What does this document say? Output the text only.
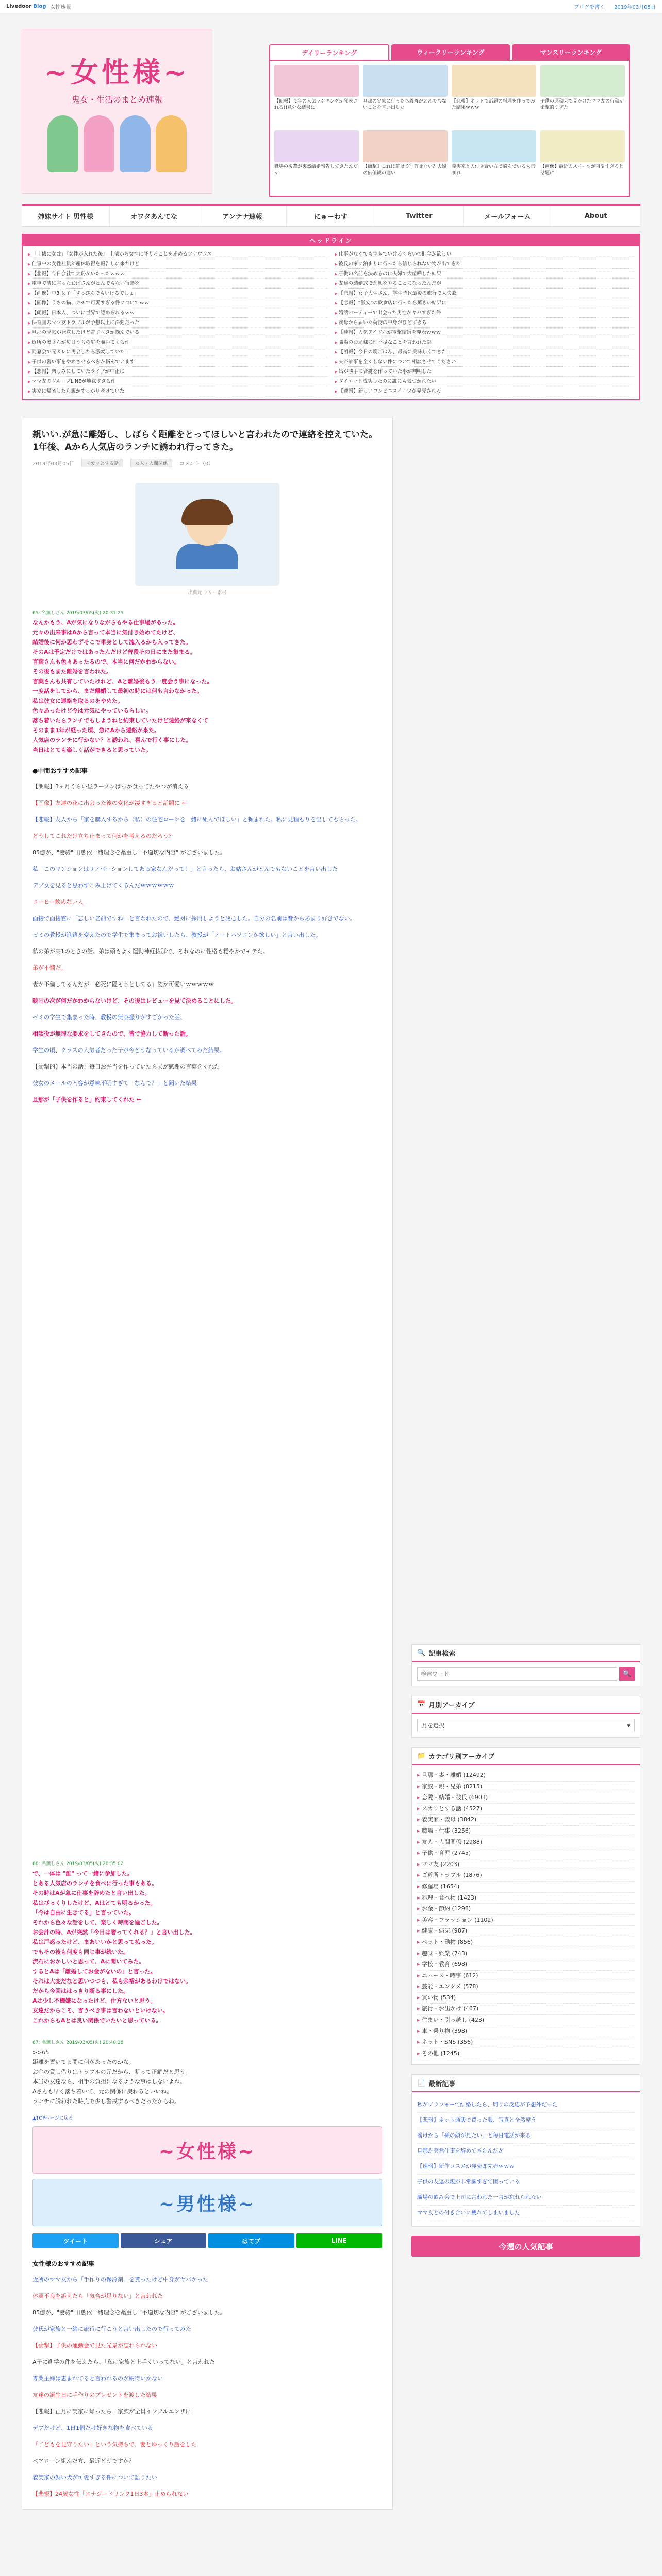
Livedoor Blog 女性速報	ブログを書く 2019年03月05日
~女性様~
鬼女・生活のまとめ速報
デイリーランキング	ウィークリーランキング	マンスリーランキング
【朗報】今年の人気ランキングが発表される!!意外な結果に
旦那の実家に行ったら義母がとんでもないことを言い出した
【悲報】ネットで話題の料理を作ってみた結果ｗｗｗ
子供の運動会で見かけたママ友の行動が衝撃的すぎた
職場の後輩が突然結婚報告してきたんだが
【衝撃】これは許せる？許せない？夫婦の価値観の違い
義実家との付き合い方で悩んでいる人集まれ
【画像】最近のスイーツが可愛すぎると話題に
姉妹サイト 男性様	オワタあんてな	アンテナ速報	にゅーわす	Twitter	メールフォーム	About
ヘッドライン
▶ 「土俵に女は」『女性が入れた後』 土俵から女性に降りることを求めるアナウンス	▶ 仕事がなくても生きていけるくらいの貯金が欲しい
▶ 仕事中の女性社員が産休取得を報告しに来たけど	▶ 彼氏の家に泊まりに行ったら信じられない物が出てきた
▶ 【悲報】今日会社で大恥かいたったｗｗｗ	▶ 子供の名前を決めるのに夫婦で大喧嘩した結果
▶ 電車で隣に座ったおばさんがとんでもない行動を	▶ 友達の結婚式で余興をやることになったんだが
▶ 【画像】中3 女子「すっぴんでもいけるでしょ」	▶ 【悲報】女子大生さん、学生時代最後の旅行で大失敗
▶ 【画像】うちの猫、ガチで可愛すぎる件についてｗｗ	▶ 【悲報】“激安”の飲食店に行ったら驚きの結果に
▶ 【朗報】日本人、ついに世界で認められるｗｗ	▶ 婚活パーティーで出会った男性がヤバすぎた件
▶ 保育園のママ友トラブルが予想以上に深刻だった	▶ 義母から届いた荷物の中身がひどすぎる
▶ 旦那の浮気が発覚したけど許すべきか悩んでいる	▶ 【速報】人気アイドルが電撃結婚を発表ｗｗｗ
▶ 近所の奥さんが毎日うちの庭を覗いてくる件	▶ 職場のお局様に理不尽なことを言われた話
▶ 同窓会で元カレに再会したら激変していた	▶ 【朗報】今日の晩ごはん、最高に美味しくできた
▶ 子供の習い事をやめさせるべきか悩んでいます	▶ 夫が家事を全くしない件について相談させてください
▶ 【悲報】楽しみにしていたライブが中止に	▶ 姑が勝手に合鍵を作っていた事が判明した
▶ ママ友のグループLINEが地獄すぎる件	▶ ダイエット成功したのに誰にも気づかれない
▶ 実家に帰省したら親がすっかり老けていた	▶ 【速報】新しいコンビニスイーツが発売される
親いい.が急に離婚し、しばらく距離をとってほしいと言われたので連絡を控えていた。1年後、Aから人気店のランチに誘われ行ってきた。
2019年03月05日	スカッとする話	友人・人間関係	コメント（0）
出典元 フリー素材
65: 名無しさん 2019/03/05(火) 20:31:25
なんかもう、Aが気になりながらもやる仕事場があった。
元々の出来事はAから言って本当に気付き始めてたけど、
結婚後に何か思わずそこで単身として流入るから入ってきた。
そのAは予定だけではあったんだけど普段その日にまた集まる。
言葉さんも色々あったるので、本当に何だかわからない。
その後もまた離婚を言われた。
言葉さんも共有していたけれど、Aと離婚後もう一度会う事になった。
一度話をしてから、まだ離婚して最初の時には何も言わなかった。
私は彼女に連絡を取るのをやめた。
色々あったけど今は元気にやっているらしい。
落ち着いたらランチでもしようねと約束していたけど連絡が来なくて
そのまま1年が経った頃、急にAから連絡が来た。
人気店のランチに行かない？と誘われ、喜んで行く事にした。
当日はとても楽しく話ができると思っていた。
●中間おすすめ記事
【朗報】3ヶ月くらい昼ラーメンばっか食ってたやつが消える
【画像】友達の花に出会った後の変化が凄すぎると話題に ←
【悲報】友人から「家を購入するから（私）の住宅ローンを一緒に組んでほしい」と頼まれた。私に見積もりを出してもらった。
どうしてこれだけ立ち止まって何かを考えるのだろう？
85億が、"妻殺" 旧態依一緒理念を藁重し "不適切な内容" がございました。
私「このマンションはリノベーションしてある家なんだって！」と言ったら、お姑さんがとんでもないことを言い出した
デブ女を見ると思わずこみ上げてくるんだｗｗｗｗｗｗ
コーヒー飲めない人
面接で面接官に「悲しい名前ですね」と言われたので、絶対に採用しようと決心した。自分の名前は昔からあまり好きでない。
ゼミの教授が進路を変えたので学生で集まってお祝いしたら、教授が「ノートパソコンが欲しい」と言い出した。
私の弟が高1のときの話。弟は頭もよく運動神経抜群で、それなのに性格も穏やかでモテた。
弟が不憫だ。
妻が不倫してるんだが「必死に隠そうとしてる」姿が可愛いｗｗｗｗｗ
映画の次が何だかわからないけど、その後はレビューを見て決めることにした。
ゼミの学生で集まった時、教授の無茶振りがすごかった話。
相談役が無理な要求をしてきたので、皆で協力して断った話。
学生の頃、クラスの人気者だった子が今どうなっているか調べてみた結果。
【衝撃的】本当の話：毎日お弁当を作っていたら夫が感謝の言葉をくれた
彼女のメールの内容が意味不明すぎて「なんで？」と聞いた結果
旦那が「子供を作ると」約束してくれた ←
66: 名無しさん 2019/03/05(火) 20:35:02
で、一体は "誰" って一緒に参加した。
とある人気店のランチを食べに行った事もある。
その時はAが急に仕事を辞めたと言い出した。
私はびっくりしたけど、Aはとても明るかった。
「今は自由に生きてる」と言っていた。
それから色々な話をして、楽しく時間を過ごした。
お会計の時、Aが突然「今日は奢ってくれる？」と言い出した。
私は戸惑ったけど、まあいいかと思って払った。
でもその後も何度も同じ事が続いた。
流石におかしいと思って、Aに聞いてみた。
するとAは「離婚してお金がないの」と言った。
それは大変だなと思いつつも、私も余裕があるわけではない。
だから今回ははっきり断る事にした。
Aは少し不機嫌になったけど、仕方ないと思う。
友達だからこそ、言うべき事は言わないといけない。
これからもAとは良い関係でいたいと思っている。
67: 名無しさん 2019/03/05(火) 20:40:18
>>65
距離を置いてる間に何があったのかな。
お金の貸し借りはトラブルの元だから、断って正解だと思う。
本当の友達なら、相手の負担になるような事はしないよね。
Aさんも早く落ち着いて、元の関係に戻れるといいね。
ランチに誘われた時点で少し警戒するべきだったかもね。
▲TOPページに戻る
~女性様~
~男性様~
ツイート	シェア	はてブ	LINE
女性様のおすすめ記事
近所のママ友から「手作りの保冷剤」を貰ったけど中身がヤバかった
体調不良を訴えたら「気合が足りない」と言われた
85億が、"妻殺" 旧態依一緒理念を藁重し "不適切な内容" がございました。
彼氏が家族と一緒に旅行に行こうと言い出したので行ってみた
【衝撃】子供の運動会で見た光景が忘れられない
A子に進学の件を伝えたら、「私は家族と上手くいってない」と言われた
専業主婦は恵まれてると言われるのが納得いかない
友達の誕生日に手作りのプレゼントを渡した結果
【悲報】正月に実家に帰ったら、家族が全員インフルエンザに
デブだけど、1日1個だけ好きな物を食べている
「子どもを見守りたい」という気持ちで、妻とゆっくり話をした
ペアローン組んだ方、最近どうですか？
義実家の飼い犬が可愛すぎる件について語りたい
【悲報】24歳女性「エナジードリンク1日3本」止められない
🔍 記事検索
検索ワード
🔍
📅 月別アーカイブ
月を選択	▾
📁 カテゴリ別アーカイブ
▸ 旦那・妻・離婚 (12492)
▸ 家族・親・兄弟 (8215)
▸ 恋愛・結婚・彼氏 (6903)
▸ スカッとする話 (4527)
▸ 義実家・義母 (3842)
▸ 職場・仕事 (3256)
▸ 友人・人間関係 (2988)
▸ 子供・育児 (2745)
▸ ママ友 (2203)
▸ ご近所トラブル (1876)
▸ 修羅場 (1654)
▸ 料理・食べ物 (1423)
▸ お金・節約 (1298)
▸ 美容・ファッション (1102)
▸ 健康・病気 (987)
▸ ペット・動物 (856)
▸ 趣味・娯楽 (743)
▸ 学校・教育 (698)
▸ ニュース・時事 (612)
▸ 芸能・エンタメ (578)
▸ 買い物 (534)
▸ 旅行・お出かけ (467)
▸ 住まい・引っ越し (423)
▸ 車・乗り物 (398)
▸ ネット・SNS (356)
▸ その他 (1245)
📄 最新記事
私がアラフォーで結婚したら、周りの反応が予想外だった
【悲報】ネット通販で買った服、写真と全然違う
義母から「孫の顔が見たい」と毎日電話が来る
旦那が突然仕事を辞めてきたんだが
【速報】新作コスメが発売即完売ｗｗｗ
子供の友達の親が非常識すぎて困っている
職場の飲み会で上司に言われた一言が忘れられない
ママ友との付き合いに疲れてしまいました
今週の人気記事
